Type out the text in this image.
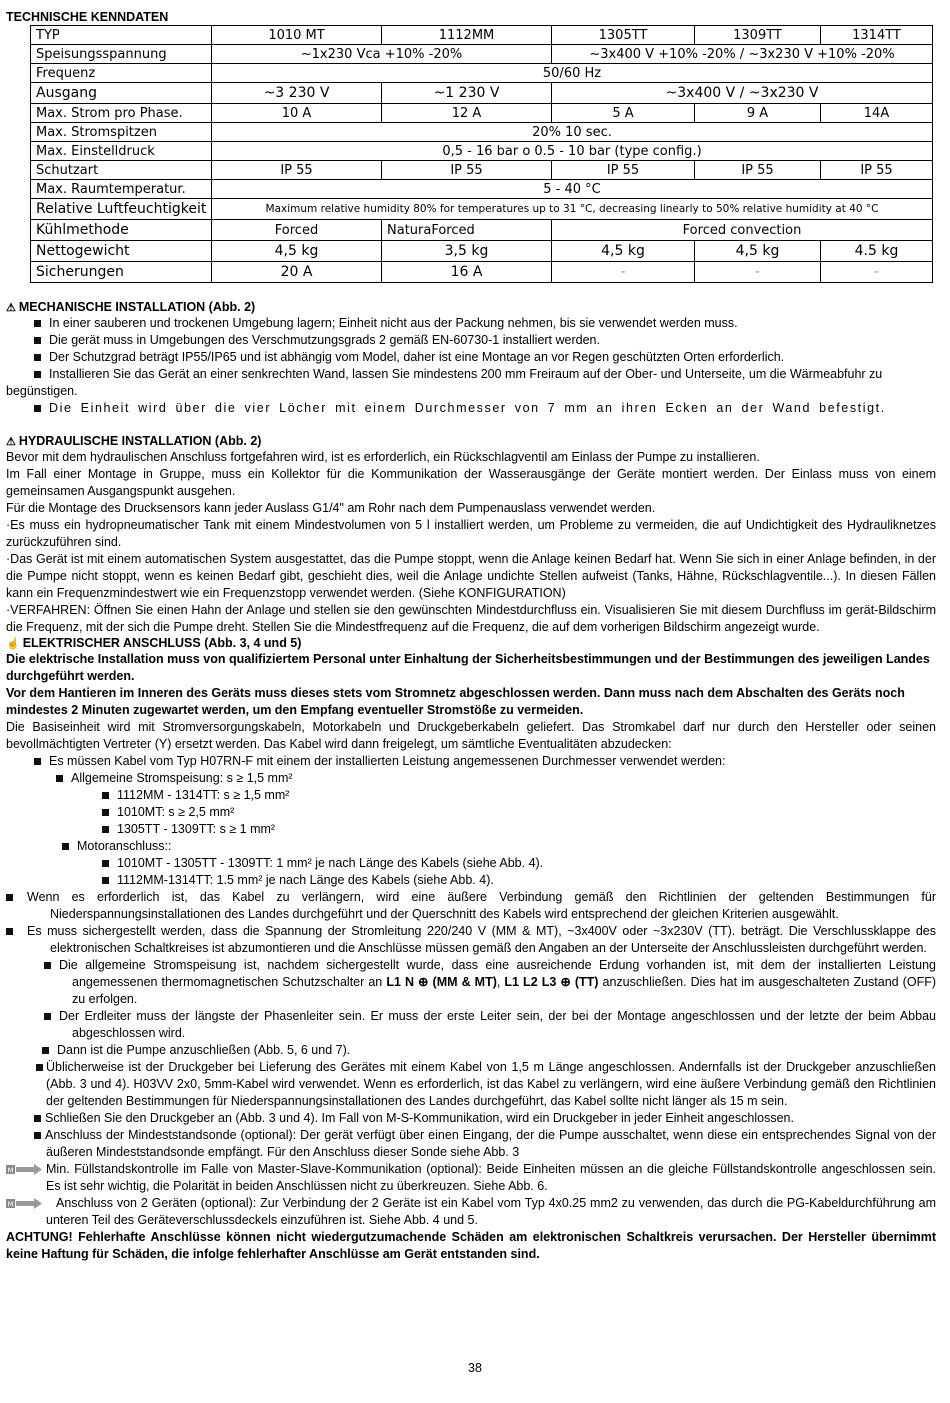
TECHNISCHE KENNDATEN
TYP	1010 MT	1112MM	1305TT	1309TT	1314TT
Speisungsspannung	~1x230 Vca +10% -20%		~3x400 V +10% -20% / ~3x230 V +10% -20%		
Frequenz	50/60 Hz				
Ausgang	~3 230 V	~1 230 V	~3x400 V / ~3x230 V		
Max. Strom pro Phase.	10 A	12 A	5 A	9 A	14A
Max. Stromspitzen	20% 10 sec.				
Max. Einstelldruck	0,5 - 16 bar o 0.5 - 10 bar (type config.)				
Schutzart	IP 55	IP 55	IP 55	IP 55	IP 55
Max. Raumtemperatur.	5 - 40 °C				
Relative Luftfeuchtigkeit	Maximum relative humidity 80% for temperatures up to 31 °C, decreasing linearly to 50% relative humidity at 40 °C				
Kühlmethode	Forced	NaturaForced	Forced convection		
Nettogewicht	4,5 kg	3,5 kg	4,5 kg	4,5 kg	4.5 kg
Sicherungen	20 A	16 A	-	-	-

⚠ MECHANISCHE INSTALLATION (Abb. 2)

In einer sauberen und trockenen Umgebung lagern; Einheit nicht aus der Packung nehmen, bis sie verwendet werden muss.

Die gerät muss in Umgebungen des Verschmutzungsgrads 2 gemäß EN-60730-1 installiert werden.

Der Schutzgrad beträgt IP55/IP65 und ist abhängig vom Model, daher ist eine Montage an vor Regen geschützten Orten erforderlich.

Installieren Sie das Gerät an einer senkrechten Wand, lassen Sie mindestens 200 mm Freiraum auf der Ober- und Unterseite, um die Wärmeabfuhr zu begünstigen.

Die Einheit wird über die vier Löcher mit einem Durchmesser von 7 mm an ihren Ecken an der Wand befestigt.

⚠ HYDRAULISCHE INSTALLATION (Abb. 2)

Bevor mit dem hydraulischen Anschluss fortgefahren wird, ist es erforderlich, ein Rückschlagventil am Einlass der Pumpe zu installieren.

Im Fall einer Montage in Gruppe, muss ein Kollektor für die Kommunikation der Wasserausgänge der Geräte montiert werden. Der Einlass muss von einem gemeinsamen Ausgangspunkt ausgehen.

Für die Montage des Drucksensors kann jeder Auslass G1/4" am Rohr nach dem Pumpenauslass verwendet werden.

·Es muss ein hydropneumatischer Tank mit einem Mindestvolumen von 5 l installiert werden, um Probleme zu vermeiden, die auf Undichtigkeit des Hydrauliknetzes zurückzuführen sind.

·Das Gerät ist mit einem automatischen System ausgestattet, das die Pumpe stoppt, wenn die Anlage keinen Bedarf hat. Wenn Sie sich in einer Anlage befinden, in der die Pumpe nicht stoppt, wenn es keinen Bedarf gibt, geschieht dies, weil die Anlage undichte Stellen aufweist (Tanks, Hähne, Rückschlagventile...). In diesen Fällen kann ein Frequenzmindestwert wie ein Frequenzstopp verwendet werden. (Siehe KONFIGURATION)

·VERFAHREN: Öffnen Sie einen Hahn der Anlage und stellen sie den gewünschten Mindestdurchfluss ein. Visualisieren Sie mit diesem Durchfluss im gerät-Bildschirm die Frequenz, mit der sich die Pumpe dreht. Stellen Sie die Mindestfrequenz auf die Frequenz, die auf dem vorherigen Bildschirm angezeigt wurde.

☝ ELEKTRISCHER ANSCHLUSS (Abb. 3, 4 und 5)

Die elektrische Installation muss von qualifiziertem Personal unter Einhaltung der Sicherheitsbestimmungen und der Bestimmungen des jeweiligen Landes durchgeführt werden.

Vor dem Hantieren im Inneren des Geräts muss dieses stets vom Stromnetz abgeschlossen werden. Dann muss nach dem Abschalten des Geräts noch mindestes 2 Minuten zugewartet werden, um den Empfang eventueller Stromstöße zu vermeiden.

Die Basiseinheit wird mit Stromversorgungskabeln, Motorkabeln und Druckgeberkabeln geliefert. Das Stromkabel darf nur durch den Hersteller oder seinen bevollmächtigten Vertreter (Y) ersetzt werden. Das Kabel wird dann freigelegt, um sämtliche Eventualitäten abzudecken:

Es müssen Kabel vom Typ H07RN-F mit einem der installierten Leistung angemessenen Durchmesser verwendet werden:

Allgemeine Stromspeisung: s ≥ 1,5 mm²

1112MM - 1314TT: s ≥ 1,5 mm²

1010MT: s ≥ 2,5 mm²

1305TT - 1309TT: s ≥ 1 mm²

Motoranschluss::

1010MT - 1305TT - 1309TT: 1 mm² je nach Länge des Kabels (siehe Abb. 4).

1112MM-1314TT: 1.5 mm² je nach Länge des Kabels (siehe Abb. 4).

Wenn es erforderlich ist, das Kabel zu verlängern, wird eine äußere Verbindung gemäß den Richtlinien der geltenden Bestimmungen für Niederspannungsinstallationen des Landes durchgeführt und der Querschnitt des Kabels wird entsprechend der gleichen Kriterien ausgewählt.

Es muss sichergestellt werden, dass die Spannung der Stromleitung 220/240 V (MM & MT), ~3x400V oder ~3x230V (TT). beträgt. Die Verschlussklappe des elektronischen Schaltkreises ist abzumontieren und die Anschlüsse müssen gemäß den Angaben an der Unterseite der Anschlussleisten durchgeführt werden.

Die allgemeine Stromspeisung ist, nachdem sichergestellt wurde, dass eine ausreichende Erdung vorhanden ist, mit dem der installierten Leistung angemessenen thermomagnetischen Schutzschalter an L1 N ⊕ (MM & MT), L1 L2 L3 ⊕ (TT) anzuschließen. Dies hat im ausgeschalteten Zustand (OFF) zu erfolgen.

Der Erdleiter muss der längste der Phasenleiter sein. Er muss der erste Leiter sein, der bei der Montage angeschlossen und der letzte der beim Abbau abgeschlossen wird.

Dann ist die Pumpe anzuschließen (Abb. 5, 6 und 7).

Üblicherweise ist der Druckgeber bei Lieferung des Gerätes mit einem Kabel von 1,5 m Länge angeschlossen. Andernfalls ist der Druckgeber anzuschließen (Abb. 3 und 4). H03VV 2x0, 5mm-Kabel wird verwendet. Wenn es erforderlich, ist das Kabel zu verlängern, wird eine äußere Verbindung gemäß den Richtlinien der geltenden Bestimmungen für Niederspannungsinstallationen des Landes durchgeführt, das Kabel sollte nicht länger als 15 m sein.

Schließen Sie den Druckgeber an (Abb. 3 und 4). Im Fall von M-S-Kommunikation, wird ein Druckgeber in jeder Einheit angeschlossen.

Anschluss der Mindeststandsonde (optional): Der gerät verfügt über einen Eingang, der die Pumpe ausschaltet, wenn diese ein entsprechendes Signal von der äußeren Mindeststandsonde empfängt. Für den Anschluss dieser Sonde siehe Abb. 3

M	Min. Füllstandskontrolle im Falle von Master-Slave-Kommunikation (optional): Beide Einheiten müssen an die gleiche Füllstandskontrolle angeschlossen sein. Es ist sehr wichtig, die Polarität in beiden Anschlüssen nicht zu überkreuzen. Siehe Abb. 6.

M	Anschluss von 2 Geräten (optional): Zur Verbindung der 2 Geräte ist ein Kabel vom Typ 4x0.25 mm2 zu verwenden, das durch die PG-Kabeldurchführung am unteren Teil des Geräteverschlussdeckels einzuführen ist. Siehe Abb. 4 und 5.

ACHTUNG! Fehlerhafte Anschlüsse können nicht wiedergutzumachende Schäden am elektronischen Schaltkreis verursachen. Der Hersteller übernimmt keine Haftung für Schäden, die infolge fehlerhafter Anschlüsse am Gerät entstanden sind.

38
